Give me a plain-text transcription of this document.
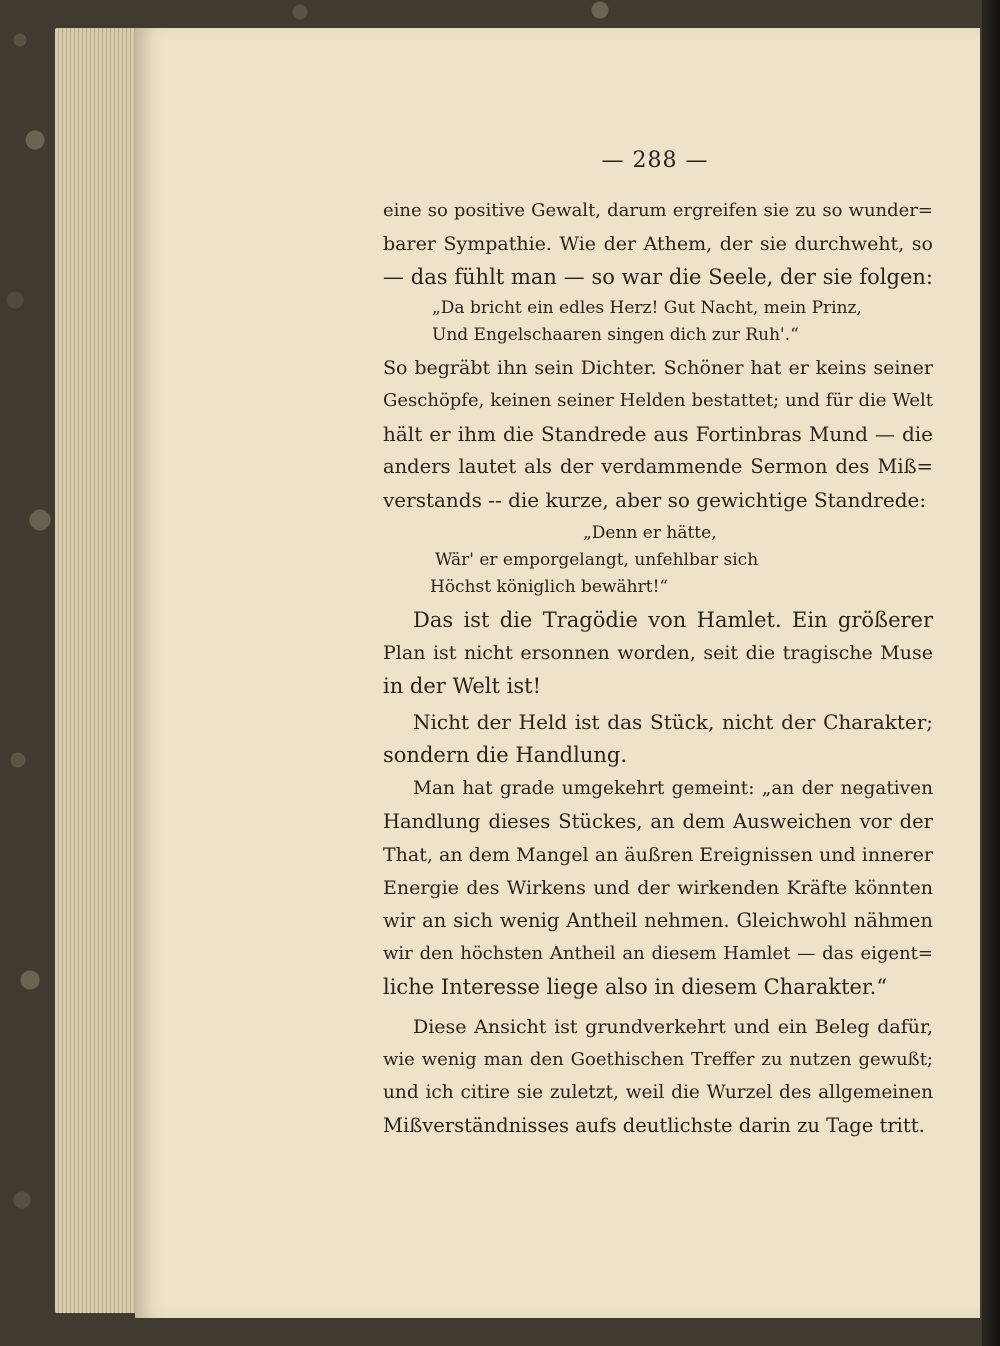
— 288 —
eine so positive Gewalt, darum ergreifen sie zu so wunder=
barer Sympathie. Wie der Athem, der sie durchweht, so
— das fühlt man — so war die Seele, der sie folgen:
„Da bricht ein edles Herz! Gut Nacht, mein Prinz,
Und Engelschaaren singen dich zur Ruh'.“
So begräbt ihn sein Dichter. Schöner hat er keins seiner
Geschöpfe, keinen seiner Helden bestattet; und für die Welt
hält er ihm die Standrede aus Fortinbras Mund — die
anders lautet als der verdammende Sermon des Miß=
verstands -- die kurze, aber so gewichtige Standrede:
„Denn er hätte,
Wär' er emporgelangt, unfehlbar sich
Höchst königlich bewährt!“
Das ist die Tragödie von Hamlet. Ein größerer
Plan ist nicht ersonnen worden, seit die tragische Muse
in der Welt ist!
Nicht der Held ist das Stück, nicht der Charakter;
sondern die Handlung.
Man hat grade umgekehrt gemeint: „an der negativen
Handlung dieses Stückes, an dem Ausweichen vor der
That, an dem Mangel an äußren Ereignissen und innerer
Energie des Wirkens und der wirkenden Kräfte könnten
wir an sich wenig Antheil nehmen. Gleichwohl nähmen
wir den höchsten Antheil an diesem Hamlet — das eigent=
liche Interesse liege also in diesem Charakter.“
Diese Ansicht ist grundverkehrt und ein Beleg dafür,
wie wenig man den Goethischen Treffer zu nutzen gewußt;
und ich citire sie zuletzt, weil die Wurzel des allgemeinen
Mißverständnisses aufs deutlichste darin zu Tage tritt.
